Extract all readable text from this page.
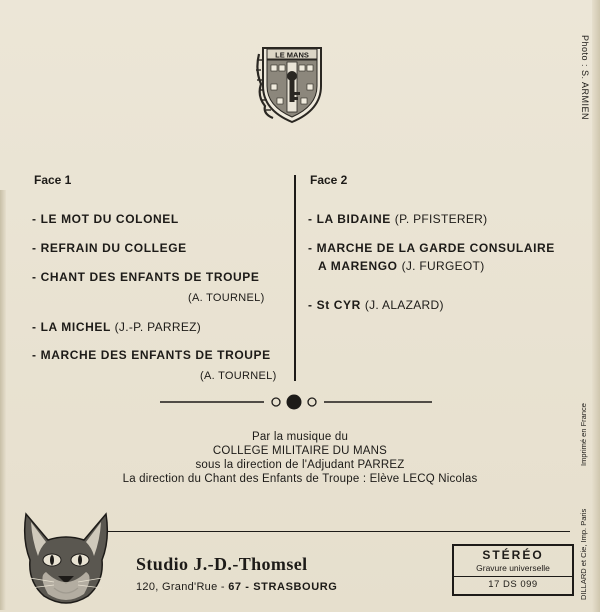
LE MANS	Photo : S. ARMIEN
Face 1	Face 2
- LE MOT DU COLONEL
- REFRAIN DU COLLEGE
- CHANT DES ENFANTS DE TROUPE
(A. TOURNEL)
- LA MICHEL (J.-P. PARREZ)
- MARCHE DES ENFANTS DE TROUPE
(A. TOURNEL)
- LA BIDAINE (P. PFISTERER)
- MARCHE DE LA GARDE CONSULAIRE
A MARENGO (J. FURGEOT)
- St CYR (J. ALAZARD)
Par la musique du
COLLEGE MILITAIRE DU MANS
sous la direction de l'Adjudant PARREZ
La direction du Chant des Enfants de Troupe : Elève LECQ Nicolas
Studio J.-D.-Thomsel
120, Grand'Rue - 67 - STRASBOURG
STÉRÉO
Gravure universelle
17 DS 099
Imprimé en France
DILLARD et Cie, Imp. Paris
